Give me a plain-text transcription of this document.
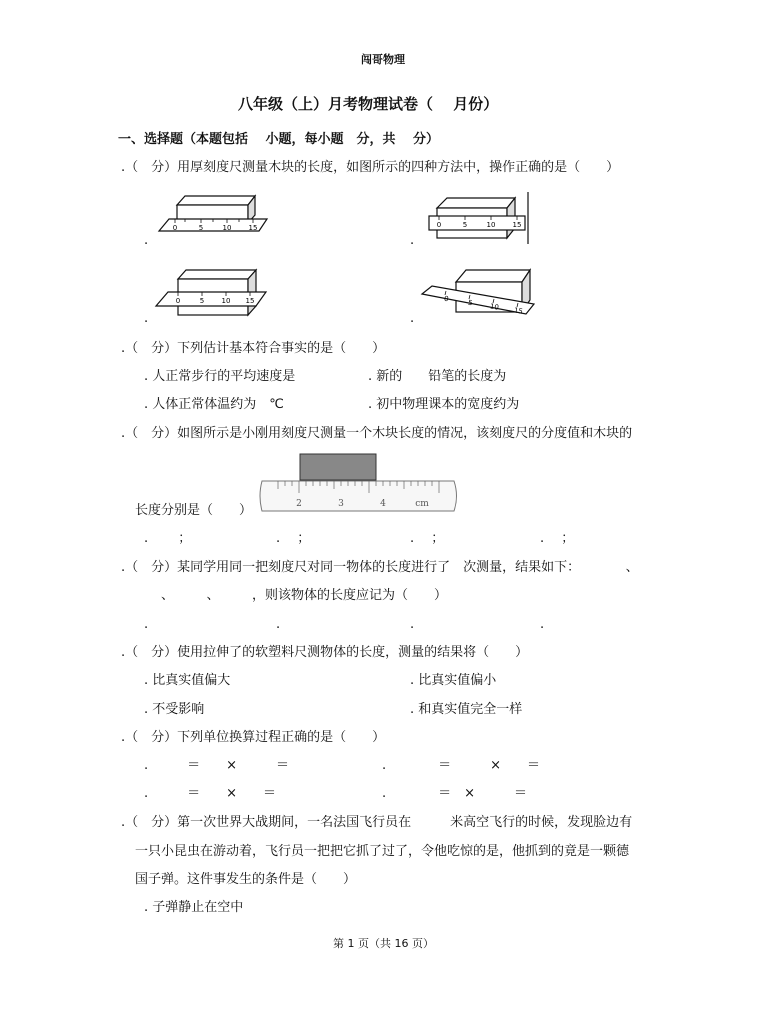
闯哥物理
八年级（上）月考物理试卷（　 月份）
一、选择题（本题包括　 小题，每小题　分，共　 分）
.（　分）用厚刻度尺测量木块的长度，如图所示的四种方法中，操作正确的是（　　）
0	5	10 15
.
0	5	10 15
.
0	5 10 15
.
0	5 10 15
.
.（　分）下列估计基本符合事实的是（　　）
. 人正常步行的平均速度是	. 新的　　铅笔的长度为
. 人体正常体温约为　℃	. 初中物理课本的宽度约为
.（　分）如图所示是小刚用刻度尺测量一个木块长度的情况，该刻度尺的分度值和木块的
长度分别是（　　）	2	3	4	cm
. 　　；	. 　；	. 　；	. 　；
.（　分）某同学用同一把刻度尺对同一物体的长度进行了　次测量，结果如下：　　　　、
　　、　　　、　　　，则该物体的长度应记为（　　）
.	.	.	.
.（　分）使用拉伸了的软塑料尺测物体的长度，测量的结果将（　　）
. 比真实值偏大	. 比真实值偏小
. 不受影响	. 和真实值完全一样
.（　分）下列单位换算过程正确的是（　　）
.　　　＝　　×　　　＝	.　　　　＝　　　×　　＝
.　　　＝　　×　　＝	.　　　　＝　×　　　＝
.（　分）第一次世界大战期间，一名法国飞行员在　　　米高空飞行的时候，发现脸边有
一只小昆虫在游动着，飞行员一把把它抓了过了，令他吃惊的是，他抓到的竟是一颗德
国子弹。这件事发生的条件是（　　）
. 子弹静止在空中
第 1 页（共 16 页）
